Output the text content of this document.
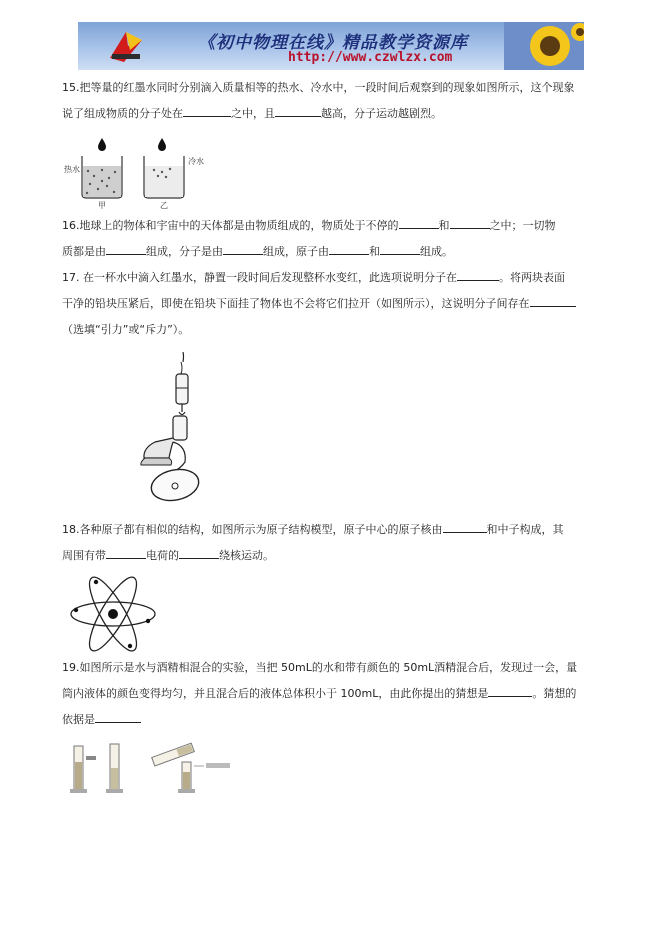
《初中物理在线》精品教学资源库
http://www.czwlzx.com
15.把等量的红墨水同时分别滴入质量相等的热水、冷水中，一段时间后观察到的现象如图所示，这个现象
说了组成物质的分子处在	之中，且	越高，分子运动越剧烈。
热水
冷水
甲	乙
16.地球上的物体和宇宙中的天体都是由物质组成的，物质处于不停的	和	之中；一切物
质都是由	组成，分子是由	组成，原子由	和	组成。
17. 在一杯水中滴入红墨水，静置一段时间后发现整杯水变红，此选项说明分子在	。将两块表面
干净的铅块压紧后，即使在铅块下面挂了物体也不会将它们拉开（如图所示），这说明分子间存在
（选填“引力”或“斥力”）。
18.各种原子都有相似的结构，如图所示为原子结构模型，原子中心的原子核由	和中子构成，其
周围有带	电荷的	绕核运动。
19.如图所示是水与酒精相混合的实验，当把 50mL的水和带有颜色的 50mL酒精混合后，发现过一会，量
筒内液体的颜色变得均匀，并且混合后的液体总体积小于 100mL，由此你提出的猜想是	。猜想的
依据是
